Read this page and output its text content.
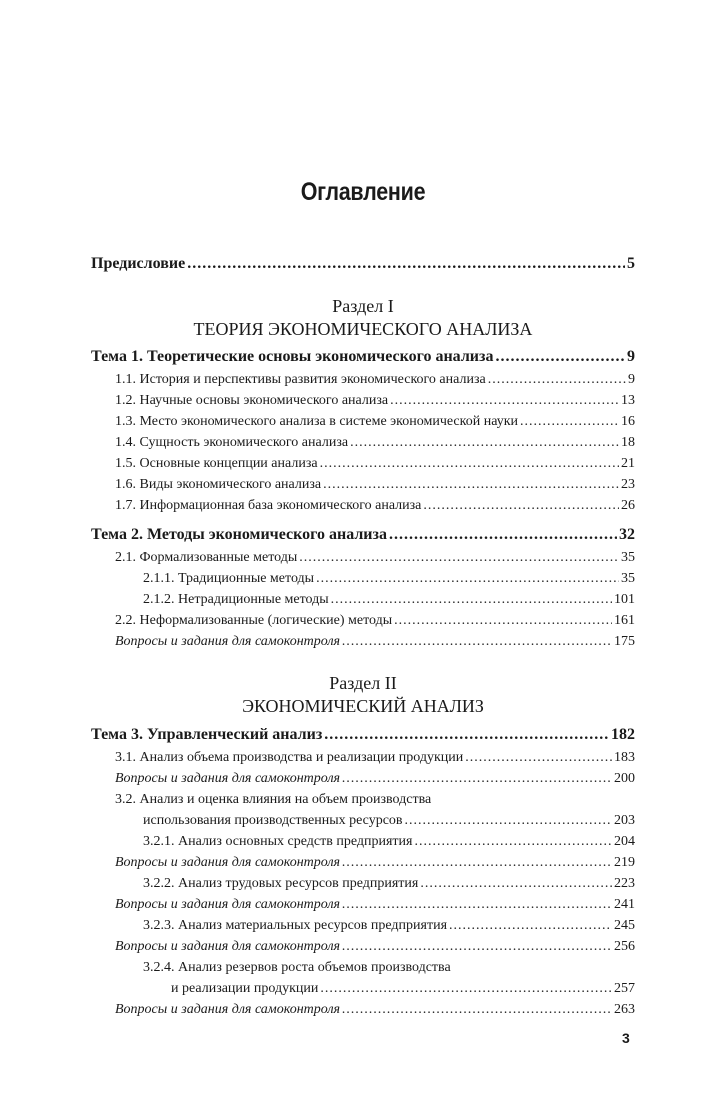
Оглавление
Предисловие .....	5
Раздел I
ТЕОРИЯ ЭКОНОМИЧЕСКОГО АНАЛИЗА
Тема 1. Теоретические основы экономического анализа .....	9
1.1. История и перспективы развития экономического анализа .....	9
1.2. Научные основы экономического анализа .....	13
1.3. Место экономического анализа в системе экономической науки .....	16
1.4. Сущность экономического анализа .....	18
1.5. Основные концепции анализа .....	21
1.6. Виды экономического анализа .....	23
1.7. Информационная база экономического анализа .....	26
Тема 2. Методы экономического анализа .....	32
2.1. Формализованные методы .....	35
2.1.1. Традиционные методы .....	35
2.1.2. Нетрадиционные методы .....	101
2.2. Неформализованные (логические) методы .....	161
Вопросы и задания для самоконтроля .....	175
Раздел II
ЭКОНОМИЧЕСКИЙ АНАЛИЗ
Тема 3. Управленческий анализ .....	182
3.1. Анализ объема производства и реализации продукции .....	183
Вопросы и задания для самоконтроля .....	200
3.2. Анализ и оценка влияния на объем производства
использования производственных ресурсов .....	203
3.2.1. Анализ основных средств предприятия .....	204
Вопросы и задания для самоконтроля .....	219
3.2.2. Анализ трудовых ресурсов предприятия .....	223
Вопросы и задания для самоконтроля .....	241
3.2.3. Анализ материальных ресурсов предприятия .....	245
Вопросы и задания для самоконтроля .....	256
3.2.4. Анализ резервов роста объемов производства
и реализации продукции .....	257
Вопросы и задания для самоконтроля .....	263
3
